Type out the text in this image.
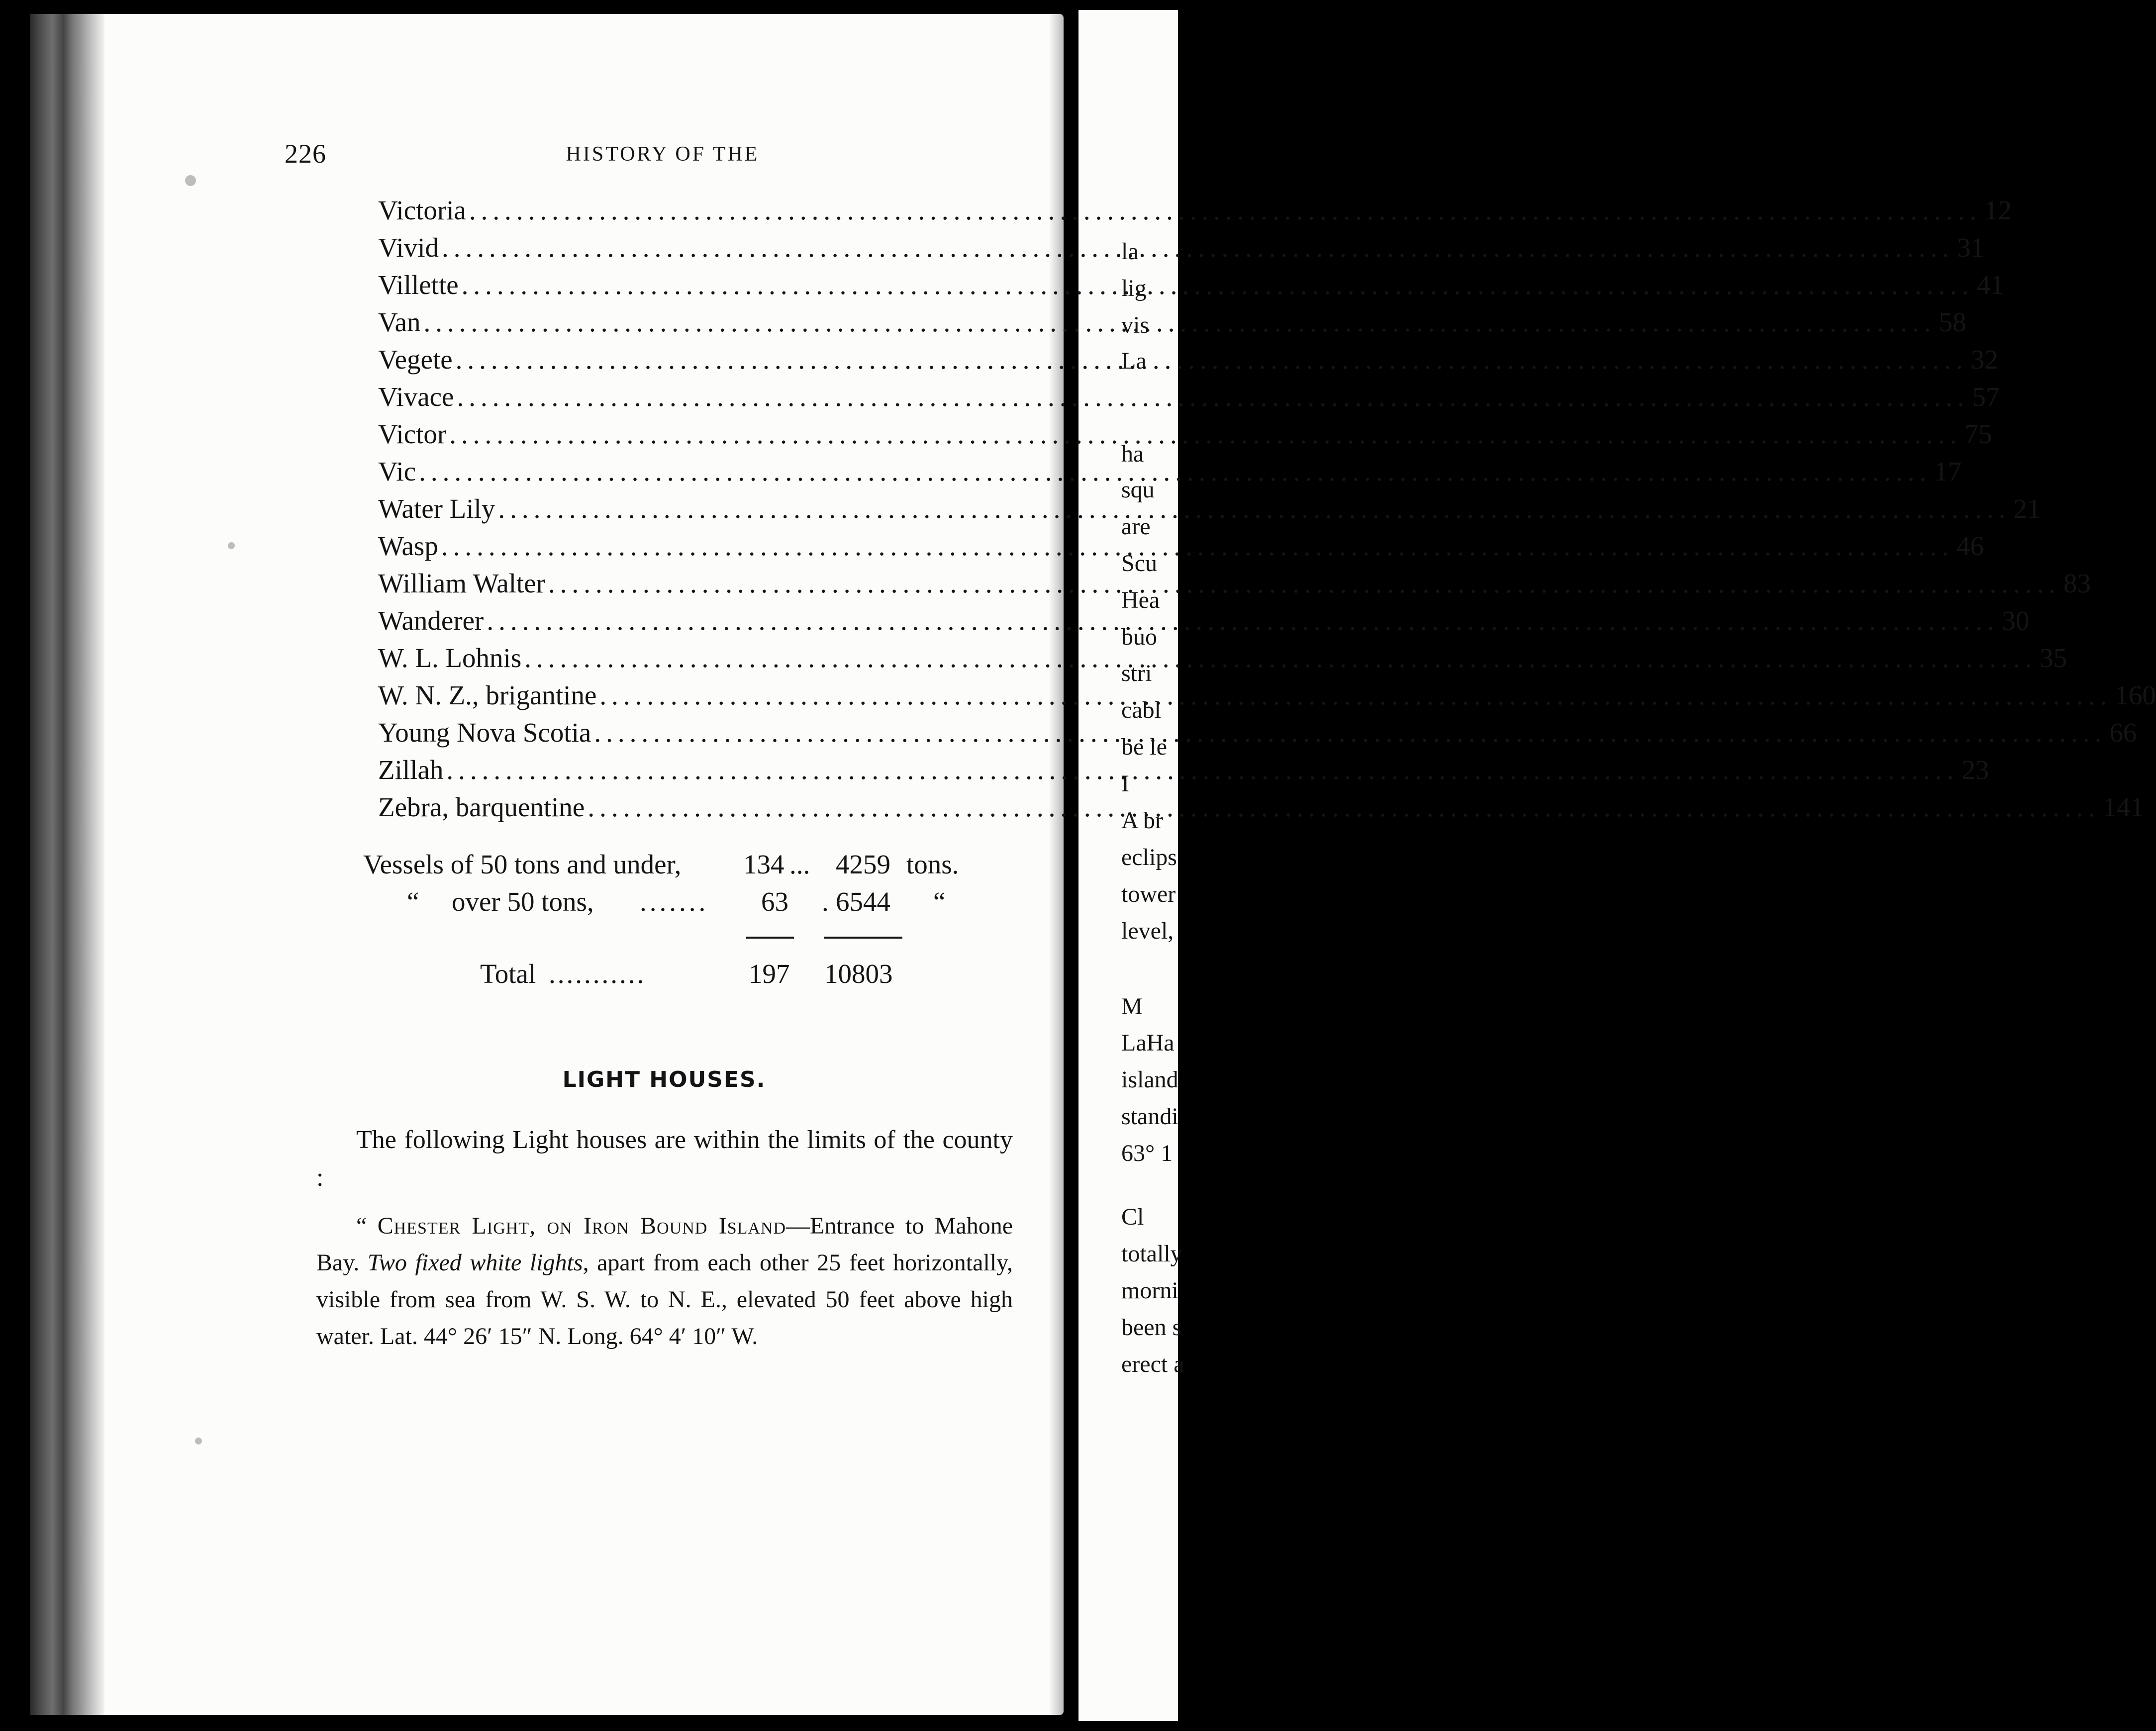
la
lig
vis
La
ha
squ
are
Scu
Hea
buo
stri
cabl
be le
I
A br
eclips
tower
level,
M
LaHa
island
standi
63° 1
Cl
totally
morni
been s
erect a
226	HISTORY OF THE
Victoria .....	12
Vivid .....	31
Villette .....	41
Van .....	58
Vegete .....	32
Vivace .....	57
Victor .....	75
Vic .....	17
Water Lily .....	21
Wasp .....	46
William Walter .....	83
Wanderer .....	30
W. L. Lohnis .....	35
W. N. Z., brigantine .....	160
Young Nova Scotia .....	66
Zillah .....	23
Zebra, barquentine .....	141
Vessels of 50 tons and under, 134 ... 4259 tons.
“ over 50 tons, ....... 63 . 6544 “
Total ...........	197 10803
LIGHT HOUSES.

The following Light houses are within the limits of the county :

“ Chester Light, on Iron Bound Island—Entrance to Mahone Bay. Two fixed white lights, apart from each other 25 feet horizontally, visible from sea from W. S. W. to N. E., elevated 50 feet above high water. Lat. 44° 26′ 15″ N. Long. 64° 4′ 10″ W.
